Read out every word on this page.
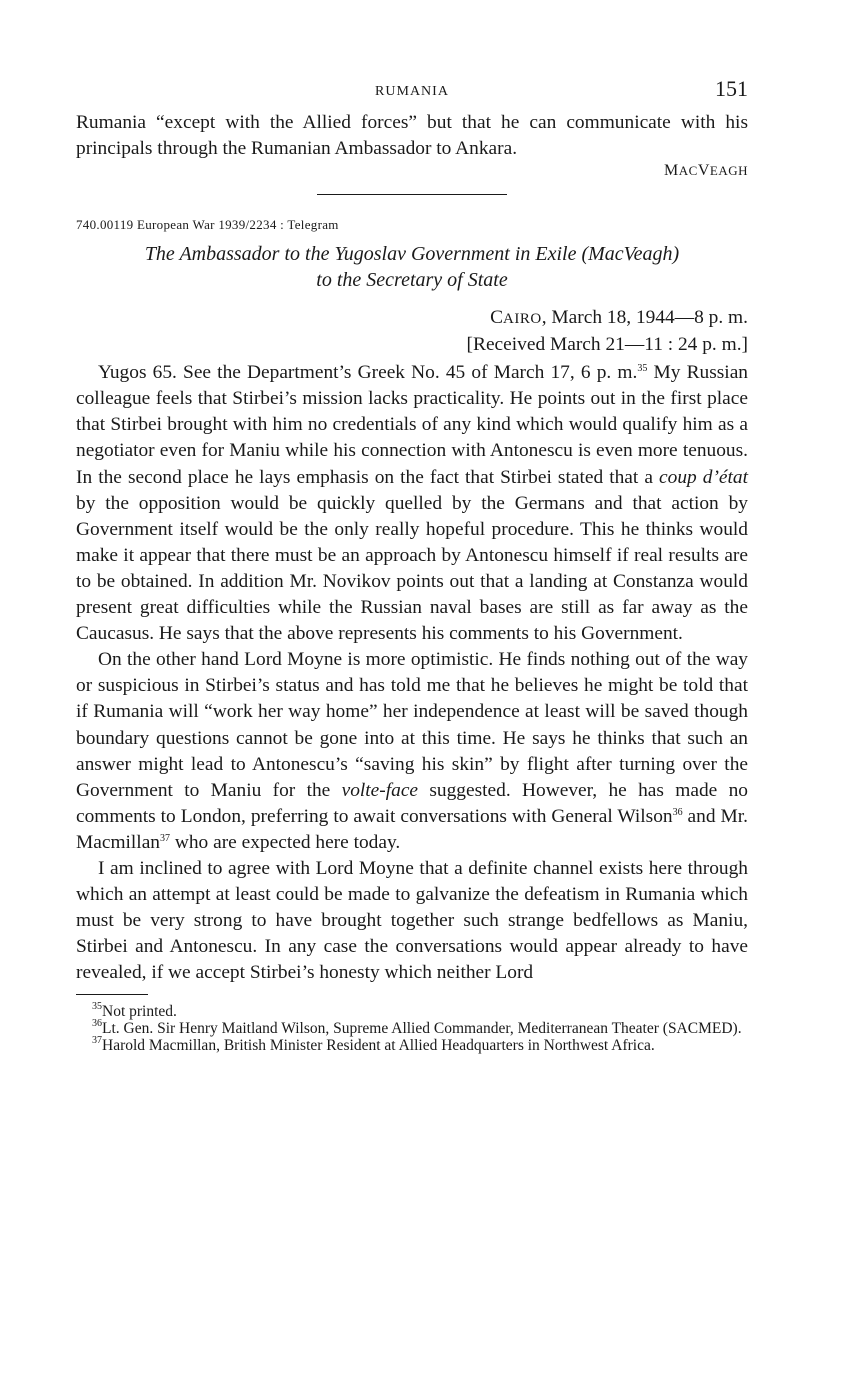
RUMANIA	151

Rumania “except with the Allied forces” but that he can communicate with his principals through the Rumanian Ambassador to Ankara.

MACVEAGH
740.00119 European War 1939/2234 : Telegram
The Ambassador to the Yugoslav Government in Exile (MacVeagh)
to the Secretary of State
CAIRO, March 18, 1944—8 p. m.
[Received March 21—11 : 24 p. m.]

Yugos 65. See the Department’s Greek No. 45 of March 17, 6 p. m.$^{35}$ My Russian colleague feels that Stirbei’s mission lacks practicality. He points out in the first place that Stirbei brought with him no credentials of any kind which would qualify him as a negotiator even for Maniu while his connection with Antonescu is even more tenuous. In the second place he lays emphasis on the fact that Stirbei stated that a coup d’état by the opposition would be quickly quelled by the Germans and that action by Government itself would be the only really hopeful procedure. This he thinks would make it appear that there must be an approach by Antonescu himself if real results are to be obtained. In addition Mr. Novikov points out that a landing at Constanza would present great difficulties while the Russian naval bases are still as far away as the Caucasus. He says that the above represents his comments to his Government.

On the other hand Lord Moyne is more optimistic. He finds nothing out of the way or suspicious in Stirbei’s status and has told me that he believes he might be told that if Rumania will “work her way home” her independence at least will be saved though boundary questions cannot be gone into at this time. He says he thinks that such an answer might lead to Antonescu’s “saving his skin” by flight after turning over the Government to Maniu for the volte-face suggested. However, he has made no comments to London, preferring to await conversations with General Wilson$^{36}$ and Mr. Macmillan$^{37}$ who are expected here today.

I am inclined to agree with Lord Moyne that a definite channel exists here through which an attempt at least could be made to galvanize the defeatism in Rumania which must be very strong to have brought together such strange bedfellows as Maniu, Stirbei and Antonescu. In any case the conversations would appear already to have revealed, if we accept Stirbei’s honesty which neither Lord

$^{35}$Not printed.

$^{36}$Lt. Gen. Sir Henry Maitland Wilson, Supreme Allied Commander, Mediterranean Theater (SACMED).

$^{37}$Harold Macmillan, British Minister Resident at Allied Headquarters in Northwest Africa.
